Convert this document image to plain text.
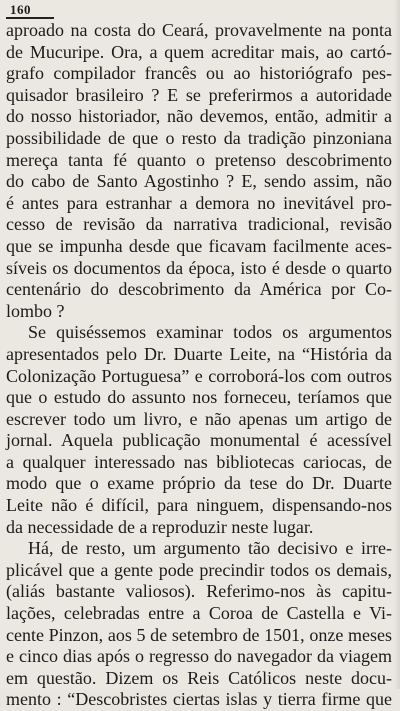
160
aproado na costa do Ceará, provavelmente na ponta
de Mucuripe. Ora, a quem acreditar mais, ao cartó-
grafo compilador francês ou ao historiógrafo pes-
quisador brasileiro ? E se preferirmos a autoridade
do nosso historiador, não devemos, então, admitir a
possibilidade de que o resto da tradição pinzoniana
mereça tanta fé quanto o pretenso descobrimento
do cabo de Santo Agostinho ? E, sendo assim, não
é antes para estranhar a demora no inevitável pro-
cesso de revisão da narrativa tradicional, revisão
que se impunha desde que ficavam facilmente aces-
síveis os documentos da época, isto é desde o quarto
centenário do descobrimento da América por Co-
lombo ?
Se quiséssemos examinar todos os argumentos
apresentados pelo Dr. Duarte Leite, na “História da
Colonização Portuguesa” e corroborá-los com outros
que o estudo do assunto nos forneceu, teríamos que
escrever todo um livro, e não apenas um artigo de
jornal. Aquela publicação monumental é acessível
a qualquer interessado nas bibliotecas cariocas, de
modo que o exame próprio da tese do Dr. Duarte
Leite não é difícil, para ninguem, dispensando-nos
da necessidade de a reproduzir neste lugar.
Há, de resto, um argumento tão decisivo e irre-
plicável que a gente pode precindir todos os demais,
(aliás bastante valiosos). Referimo-nos às capitu-
lações, celebradas entre a Coroa de Castella e Vi-
cente Pinzon, aos 5 de setembro de 1501, onze meses
e cinco dias após o regresso do navegador da viagem
em questão. Dizem os Reis Católicos neste docu-
mento : “Descobristes ciertas islas y tierra firme que
